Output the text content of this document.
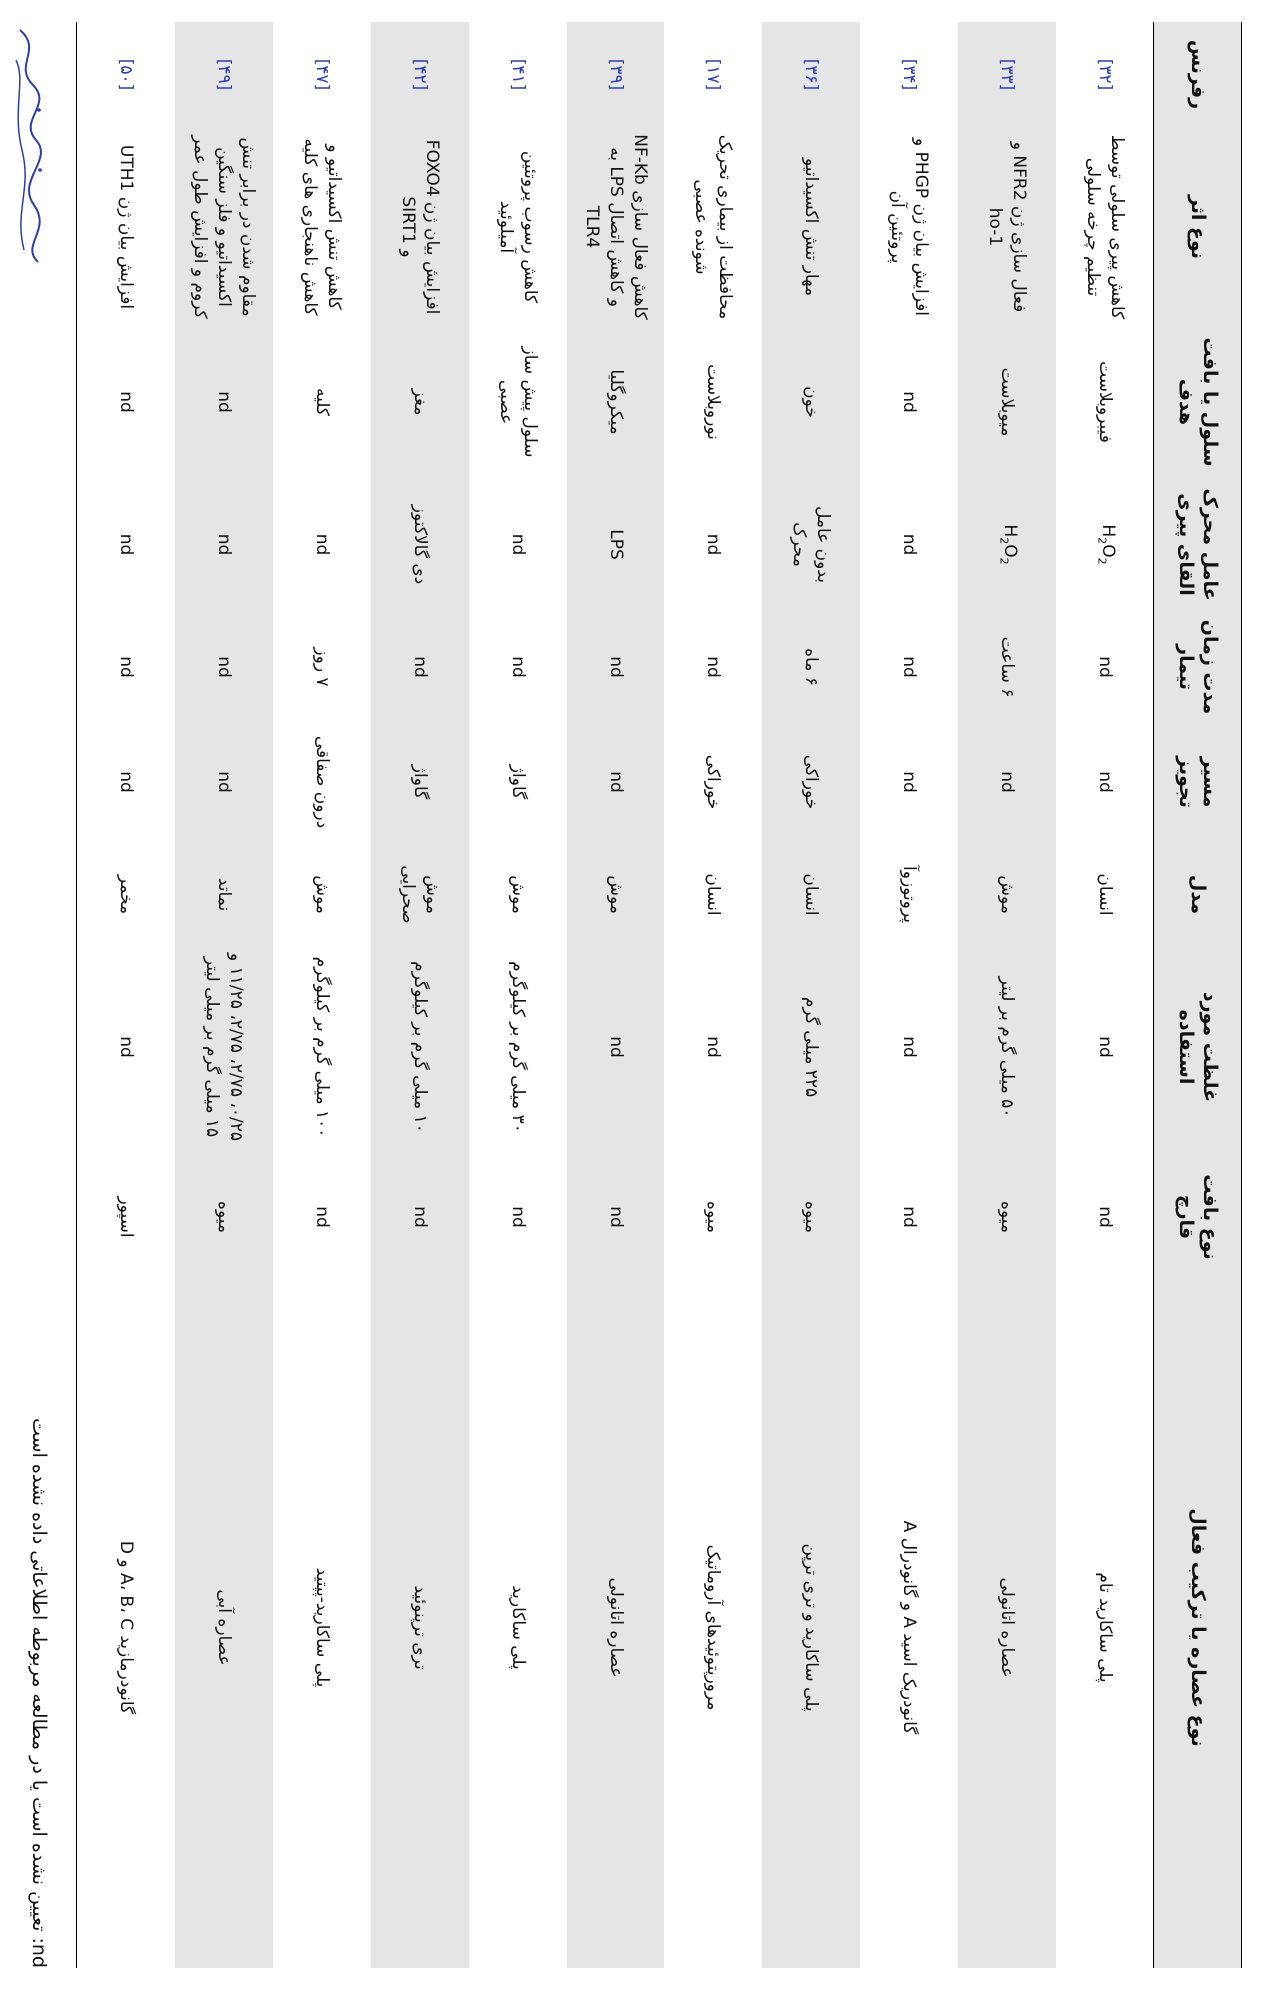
رفرنس
نوع اثر
سلول یا بافت هدف
عامل محرک القای پیری
مدت زمان تیمار
مسیر تجویز
مدل
غلظت مورد استفاده
نوع بافت قارچ
نوع عصاره یا ترکیب فعال
[۳۲]
کاهش پیری سلولی توسط تنظیم چرخه سلولی
فیبروبلاست
$H_2O_2$
nd
nd
انسان
nd
nd
پلی ساکارید تام
[۳۳]
فعال سازی ژن NFR2 و ho-1
میوبلاست
$H_2O_2$
۶ ساعت
nd
موش
۵۰ میلی گرم بر لیتر
میوه
عصاره اتانولی
[۳۴]
افزایش بیان ژن PHGP و پروتئین آن
nd
nd
nd
nd
پروتوزوآ
nd
nd
گانودریک اسید A و گانودرال A
[۳۶]
مهار تنش اکسیداتیو
خون
بدون عامل محرک
۶ ماه
خوراکی
انسان
۲۲۵ میلی گرم
میوه
پلی ساکارید و تری ترپن
[۱۷]
محافظت از بیماری تحریک شونده عصبی
نوروبلاست
nd
nd
خوراکی
انسان
nd
میوه
مرورپتوئیدهای آروماتیک
[۳۹]
کاهش فعال سازی NF-Kb و کاهش اتصال LPS به TLR4
میکروگلیا
LPS
nd
nd
موش
nd
nd
عصاره اتانولی
[۴۱]
کاهش رسوب پروتئین آمیلوئید
سلول پیش ساز عصبی
nd
nd
گاواژ
موش
۳۰ میلی گرم بر کیلوگرم
nd
پلی ساکارید
[۴۲]
افزایش بیان ژن FOXO4 و SIRT1
مغز
دی گالاکتوز
nd
گاواژ
موش صحرایی
۱۰ میلی گرم بر کیلوگرم
nd
تری ترپنوئید
[۴۷]
کاهش تنش اکسیداتیو و کاهش ناهنجاری های کلیه
کلیه
nd
۷ روز
درون صفاقی
موش
۱۰۰ میلی گرم بر کیلوگرم
nd
پلی ساکارید-پپتید
[۴۹]
مقاوم شدن در برابر تنش اکسیداتیو و فلز سنگین کروم و افزایش طول عمر
nd
nd
nd
nd
نماتد
۰/۲۵، ۲/۷۵، ۲/۷۵، ۱۱/۲۵ و ۱۵ میلی گرم بر میلی لیتر
میوه
عصاره آبی
[۵۰]
افزایش بیان ژن UTH1
nd
nd
nd
nd
مخمر
nd
اسپور
گانودرمازید A، B، C و D
nd: تعیین نشده است یا در مطالعه مربوطه اطلاعاتی داده نشده است
